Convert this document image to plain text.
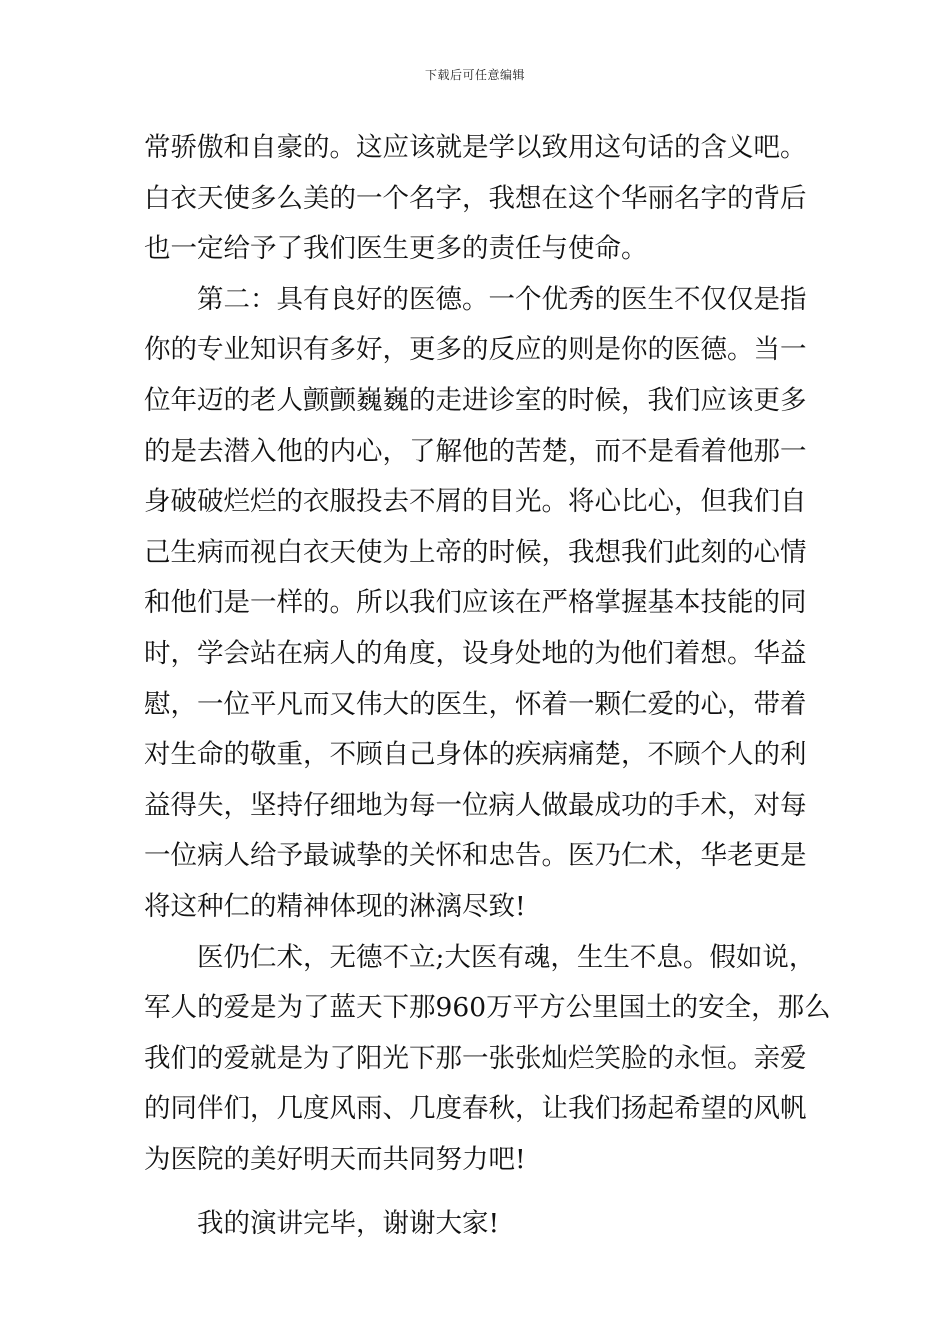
下载后可任意编辑
常骄傲和自豪的。这应该就是学以致用这句话的含义吧。
白衣天使多么美的一个名字，我想在这个华丽名字的背后
也一定给予了我们医生更多的责任与使命。
第二：具有良好的医德。一个优秀的医生不仅仅是指
你的专业知识有多好，更多的反应的则是你的医德。当一
位年迈的老人颤颤巍巍的走进诊室的时候，我们应该更多
的是去潜入他的内心，了解他的苦楚，而不是看着他那一
身破破烂烂的衣服投去不屑的目光。将心比心，但我们自
己生病而视白衣天使为上帝的时候，我想我们此刻的心情
和他们是一样的。所以我们应该在严格掌握基本技能的同
时，学会站在病人的角度，设身处地的为他们着想。华益
慰，一位平凡而又伟大的医生，怀着一颗仁爱的心，带着
对生命的敬重，不顾自己身体的疾病痛楚，不顾个人的利
益得失，坚持仔细地为每一位病人做最成功的手术，对每
一位病人给予最诚挚的关怀和忠告。医乃仁术，华老更是
将这种仁的精神体现的淋漓尽致!
医仍仁术，无德不立;大医有魂，生生不息。假如说，
军人的爱是为了蓝天下那960万平方公里国土的安全，那么
我们的爱就是为了阳光下那一张张灿烂笑脸的永恒。亲爱
的同伴们，几度风雨、几度春秋，让我们扬起希望的风帆
为医院的美好明天而共同努力吧!
我的演讲完毕，谢谢大家!
